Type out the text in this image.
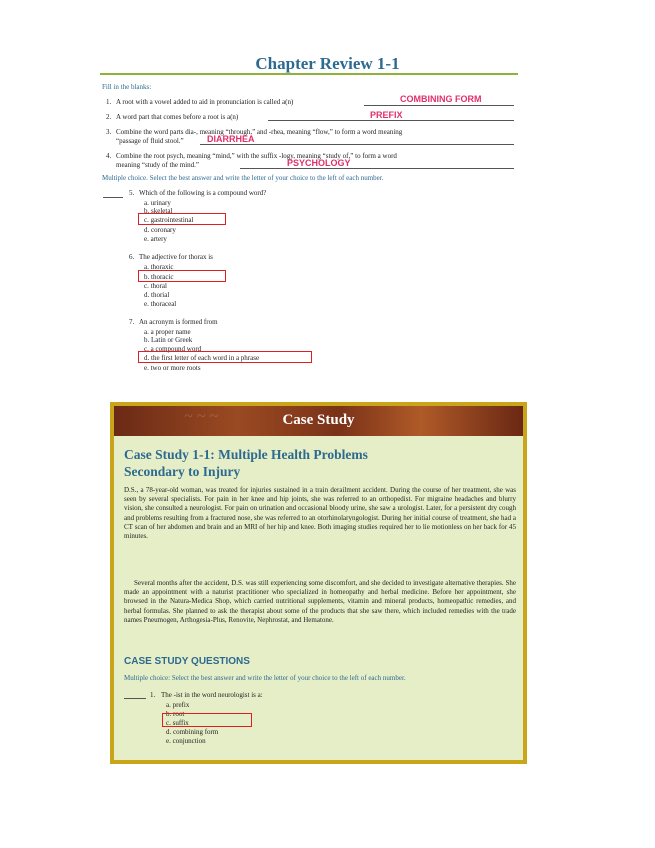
Chapter Review 1-1
Fill in the blanks:
1. A root with a vowel added to aid in pronunciation is called a(n)	COMBINING FORM
2. A word part that comes before a root is a(n)	PREFIX
3. Combine the word parts dia-, meaning “through,” and -rhea, meaning “flow,” to form a word meaning
“passage of fluid stool.”	DIARRHEA
4. Combine the root psych, meaning “mind,” with the suffix -logy, meaning “study of,” to form a word
meaning “study of the mind.”	PSYCHOLOGY
Multiple choice. Select the best answer and write the letter of your choice to the left of each number.
5. Which of the following is a compound word?
a. urinary
b. skeletal
c. gastrointestinal
d. coronary
e. artery
6. The adjective for thorax is
a. thoraxic
b. thoracic
c. thoral
d. thorial
e. thoraceal
7. An acronym is formed from
a. a proper name
b. Latin or Greek
c. a compound word
d. the first letter of each word in a phrase
e. two or more roots
~ ~ ~	Case Study
Case Study 1-1: Multiple Health Problems
Secondary to Injury
D.S., a 78-year-old woman, was treated for injuries sustained in a train derailment accident. During the course of her treatment, she was seen by several specialists. For pain in her knee and hip joints, she was referred to an orthopedist. For migraine headaches and blurry vision, she consulted a neurologist. For pain on urination and occasional bloody urine, she saw a urologist. Later, for a persistent dry cough and problems resulting from a fractured nose, she was referred to an otorhinolaryngologist. During her initial course of treatment, she had a CT scan of her abdomen and brain and an MRI of her hip and knee. Both imaging studies required her to lie motionless on her back for 45 minutes.
Several months after the accident, D.S. was still experiencing some discomfort, and she decided to investigate alternative therapies. She made an appointment with a naturist practitioner who specialized in homeopathy and herbal medicine. Before her appointment, she browsed in the Natura-Medica Shop, which carried nutritional supplements, vitamin and mineral products, homeopathic remedies, and herbal formulas. She planned to ask the therapist about some of the products that she saw there, which included remedies with the trade names Pneumogen, Arthogesia-Plus, Renovite, Nephrostat, and Hematone.
CASE STUDY QUESTIONS
Multiple choice: Select the best answer and write the letter of your choice to the left of each number.
1. The -ist in the word neurologist is a:
a. prefix
b. root
c. suffix
d. combining form
e. conjunction
